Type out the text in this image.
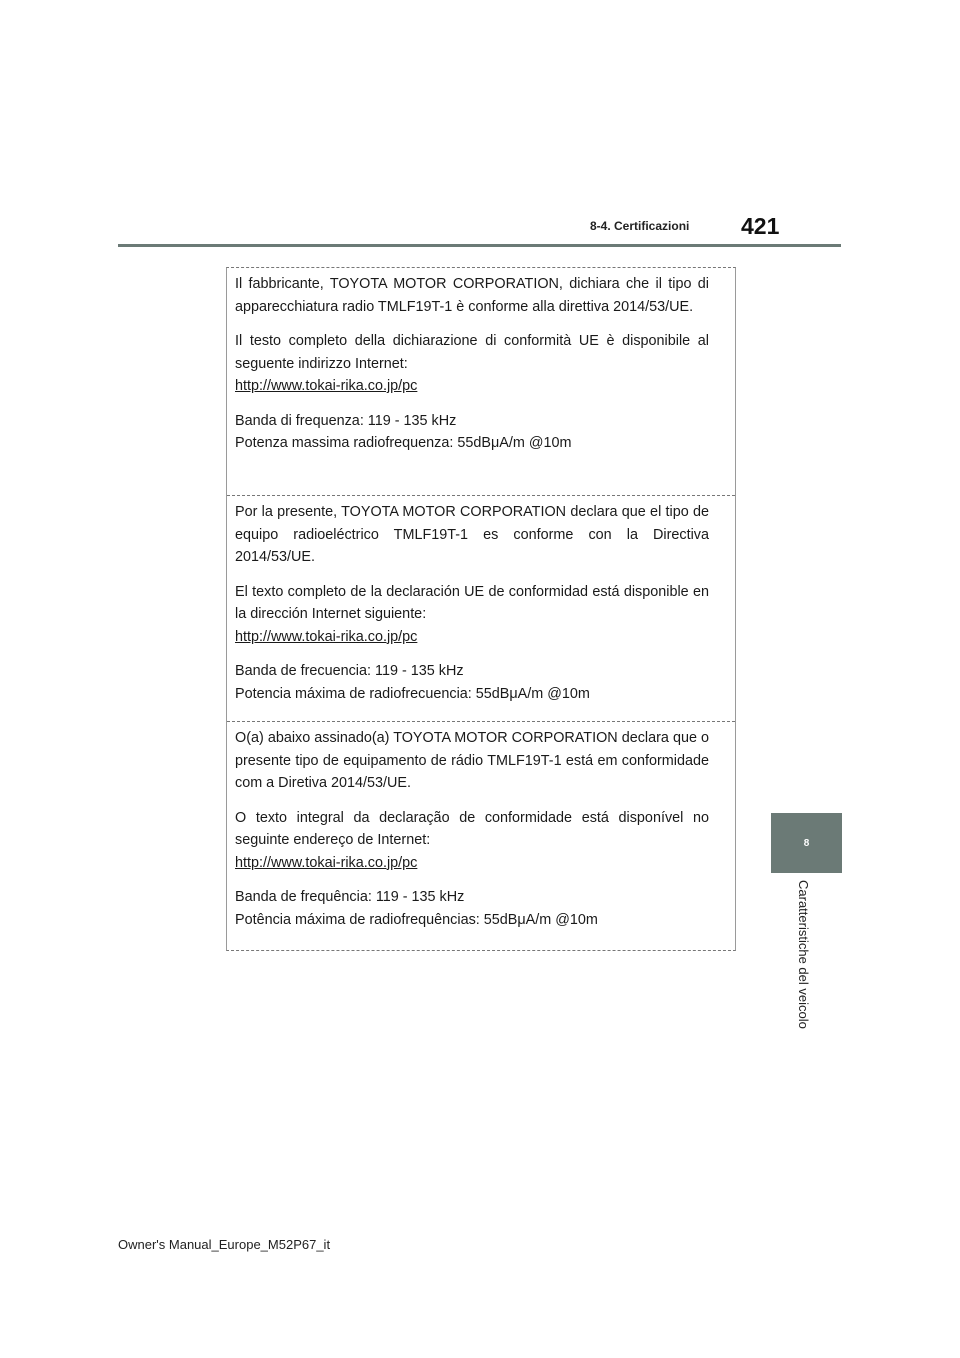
8-4. Certificazioni 421
8
Caratteristiche del veicolo

Il fabbricante, TOYOTA MOTOR CORPORATION, dichiara che il tipo di apparecchiatura radio TMLF19T-1 è conforme alla direttiva 2014/53/UE.

Il testo completo della dichiarazione di conformità UE è disponibile al seguente indirizzo Internet:
http://www.tokai-rika.co.jp/pc

Banda di frequenza: 119 - 135 kHz

Potenza massima radiofrequenza: 55dBμA/m @10m

Por la presente, TOYOTA MOTOR CORPORATION declara que el tipo de equipo radioeléctrico TMLF19T-1 es conforme con la Directiva 2014/53/UE.

El texto completo de la declaración UE de conformidad está disponible en la dirección Internet siguiente:
http://www.tokai-rika.co.jp/pc

Banda de frecuencia: 119 - 135 kHz

Potencia máxima de radiofrecuencia: 55dBμA/m @10m

O(a) abaixo assinado(a) TOYOTA MOTOR CORPORATION declara que o presente tipo de equipamento de rádio TMLF19T-1 está em conformidade com a Diretiva 2014/53/UE.

O texto integral da declaração de conformidade está disponível no seguinte endereço de Internet:
http://www.tokai-rika.co.jp/pc

Banda de frequência: 119 - 135 kHz

Potência máxima de radiofrequências: 55dBμA/m @10m

Owner's Manual_Europe_M52P67_it
